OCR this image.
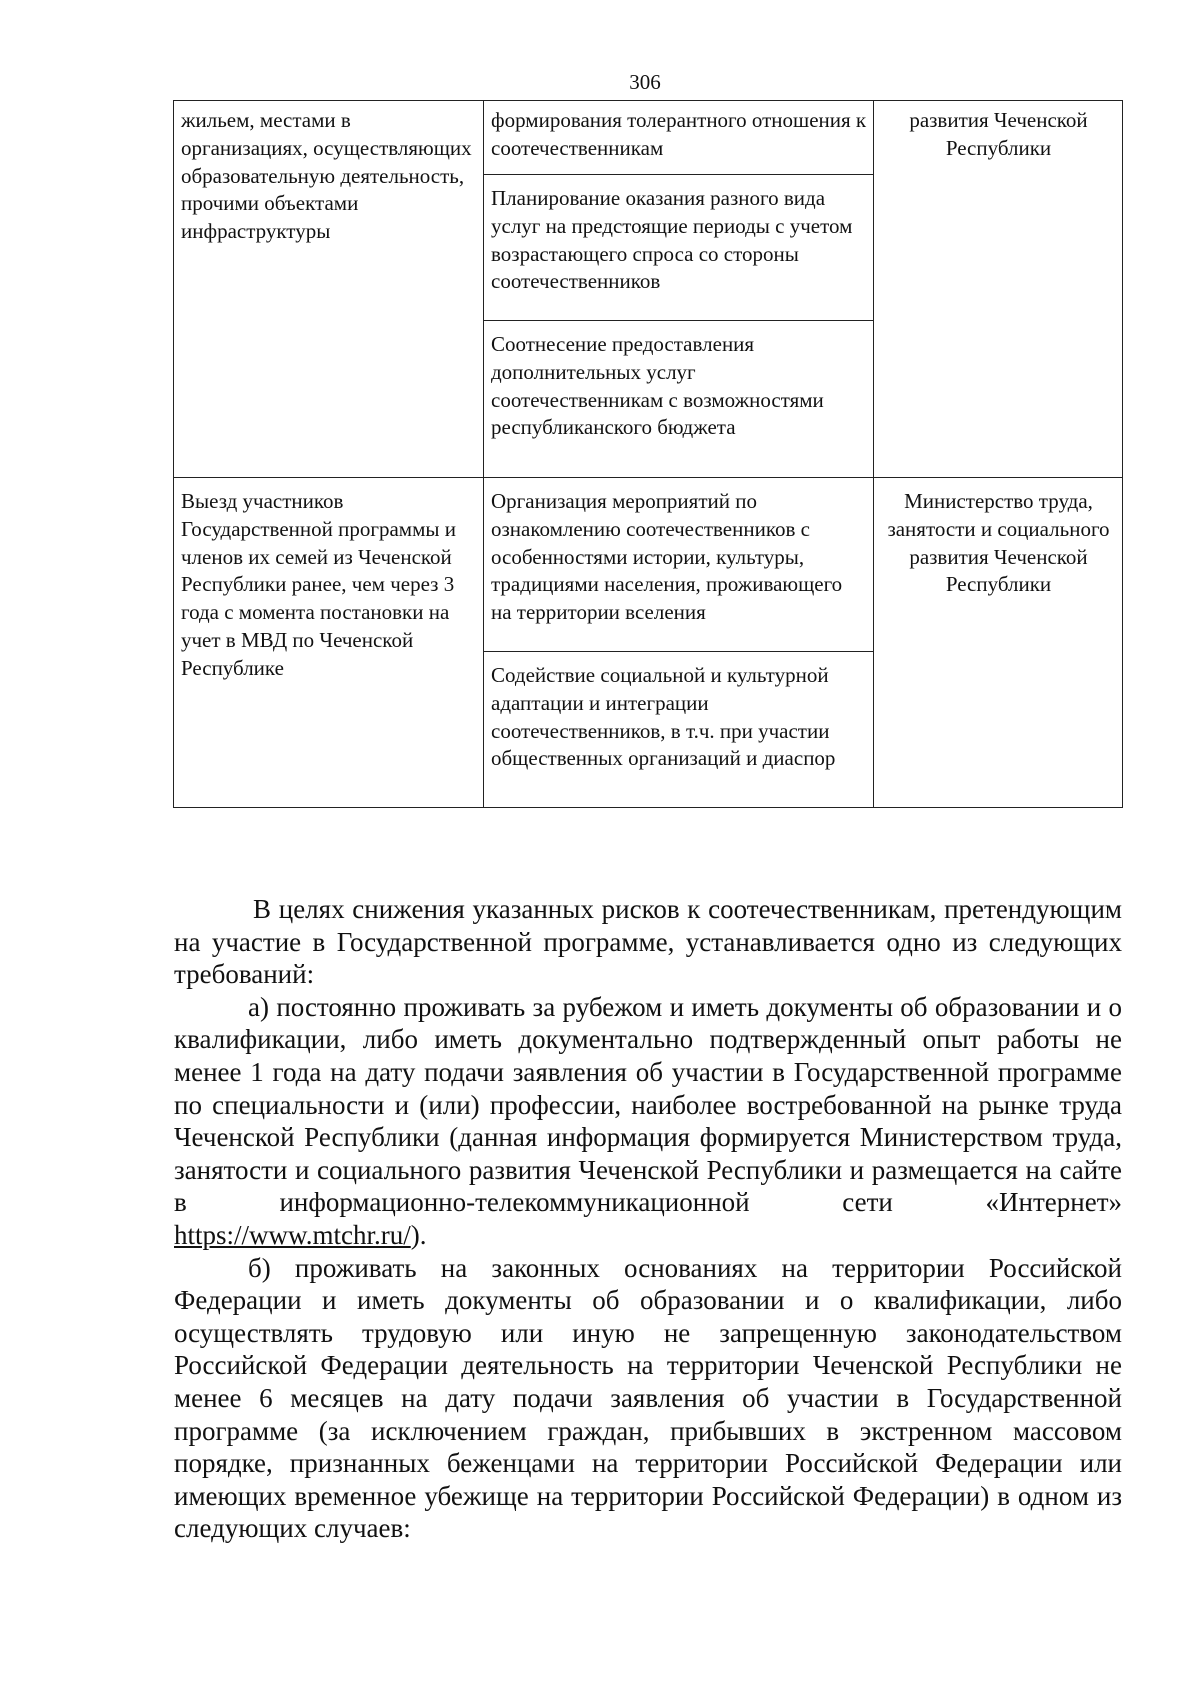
306
жильем, местами в организациях, осуществляющих образовательную деятельность, прочими объектами инфраструктуры	формирования толерантного отношения к соотечественникам	развития Чеченской Республики
	Планирование оказания разного вида услуг на предстоящие периоды с учетом возрастающего спроса со стороны соотечественников	
	Соотнесение предоставления дополнительных услуг соотечественникам с возможностями республиканского бюджета	
Выезд участников Государственной программы и членов их семей из Чеченской Республики ранее, чем через 3 года с момента постановки на учет в МВД по Чеченской Республике	Организация мероприятий по ознакомлению соотечественников с особенностями истории, культуры, традициями населения, проживающего на территории вселения	Министерство труда, занятости и социального развития Чеченской Республики
	Содействие социальной и культурной адаптации и интеграции соотечественников, в т.ч. при участии общественных организаций и диаспор	

В целях снижения указанных рисков к соотечественникам, претендующим на участие в Государственной программе, устанавливается одно из следующих требований:

а) постоянно проживать за рубежом и иметь документы об образовании и о квалификации, либо иметь документально подтвержденный опыт работы не менее 1 года на дату подачи заявления об участии в Государственной программе по специальности и (или) профессии, наиболее востребованной на рынке труда Чеченской Республики (данная информация формируется Министерством труда, занятости и социального развития Чеченской Республики и размещается на сайте в информационно-телекоммуникационной сети «Интернет» https://www.mtchr.ru/).

б) проживать на законных основаниях на территории Российской Федерации и иметь документы об образовании и о квалификации, либо осуществлять трудовую или иную не запрещенную законодательством Российской Федерации деятельность на территории Чеченской Республики не менее 6 месяцев на дату подачи заявления об участии в Государственной программе (за исключением граждан, прибывших в экстренном массовом порядке, признанных беженцами на территории Российской Федерации или имеющих временное убежище на территории Российской Федерации) в одном из следующих случаев:
